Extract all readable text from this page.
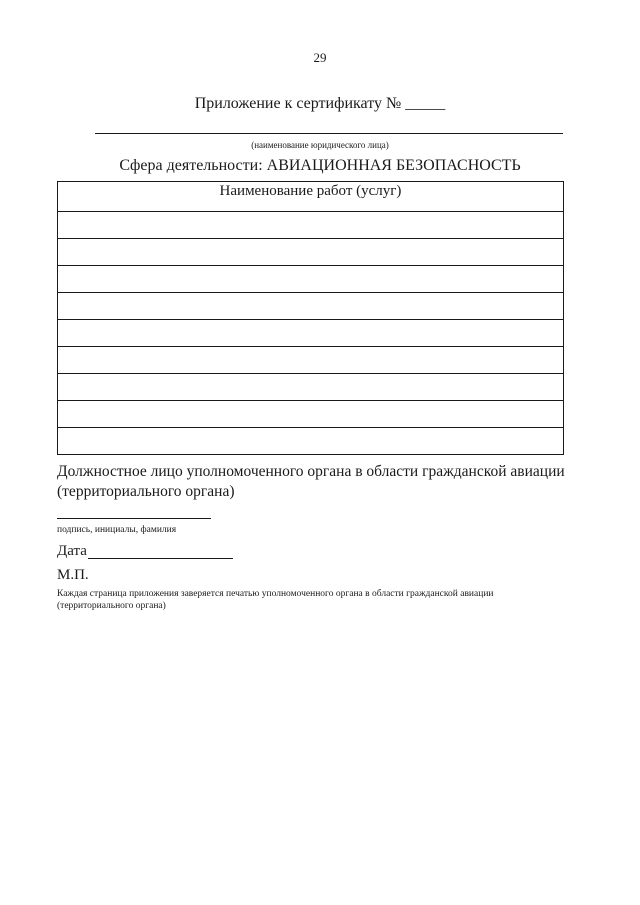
29
Приложение к сертификату № _____
(наименование юридического лица)
Сфера деятельности: АВИАЦИОННАЯ БЕЗОПАСНОСТЬ
Наименование работ (услуг)

Должностное лицо уполномоченного органа в области гражданской авиации (территориального органа)
подпись, инициалы, фамилия
Дата
М.П.
Каждая страница приложения заверяется печатью уполномоченного органа в области гражданской авиации (территориального органа)
